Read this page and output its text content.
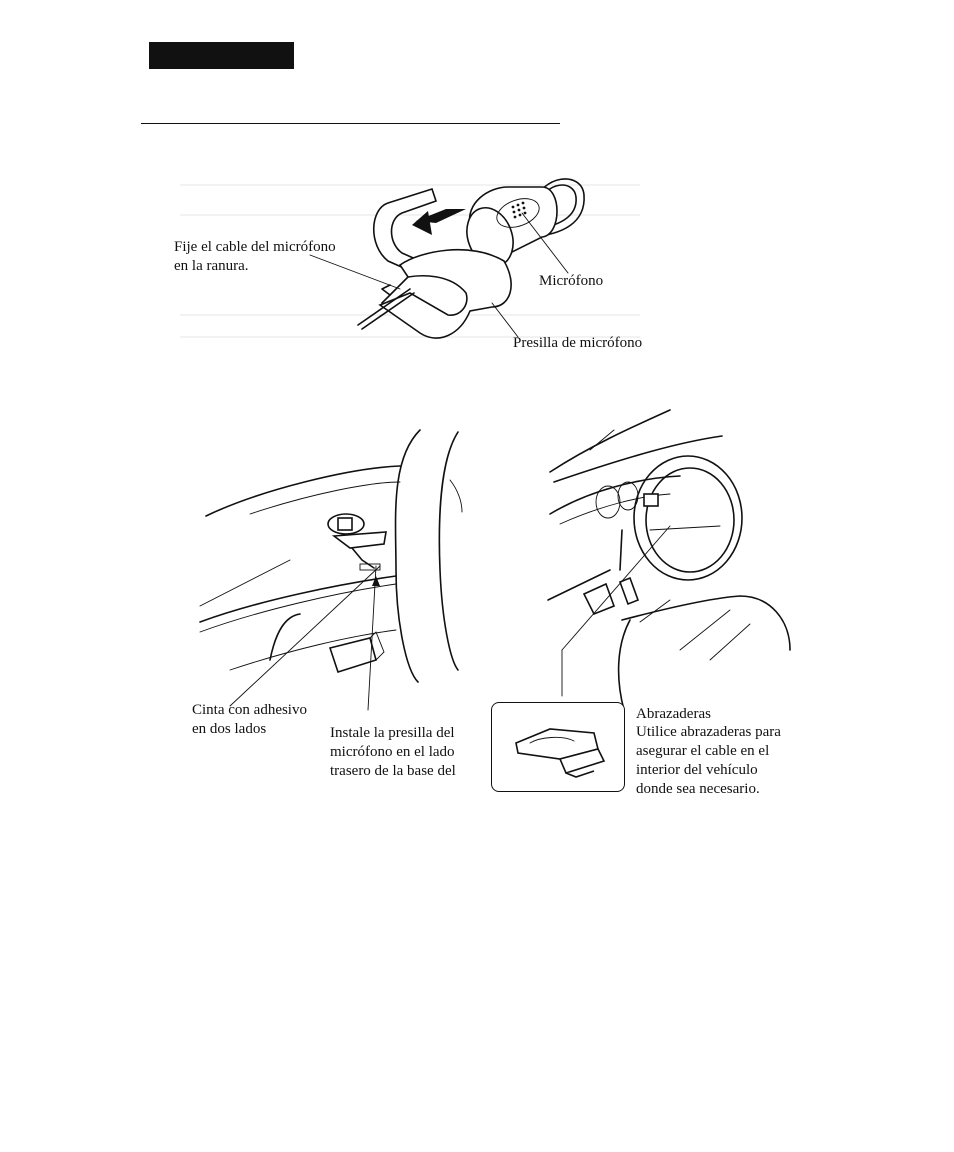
Fije el cable del micrófono
en la ranura.
Micrófono
Presilla de micrófono
Cinta con adhesivo
en dos lados	Instale la presilla del
micrófono en el lado
trasero de la base del
Abrazaderas
Utilice abrazaderas para
asegurar el cable en el
interior del vehículo
donde sea necesario.
